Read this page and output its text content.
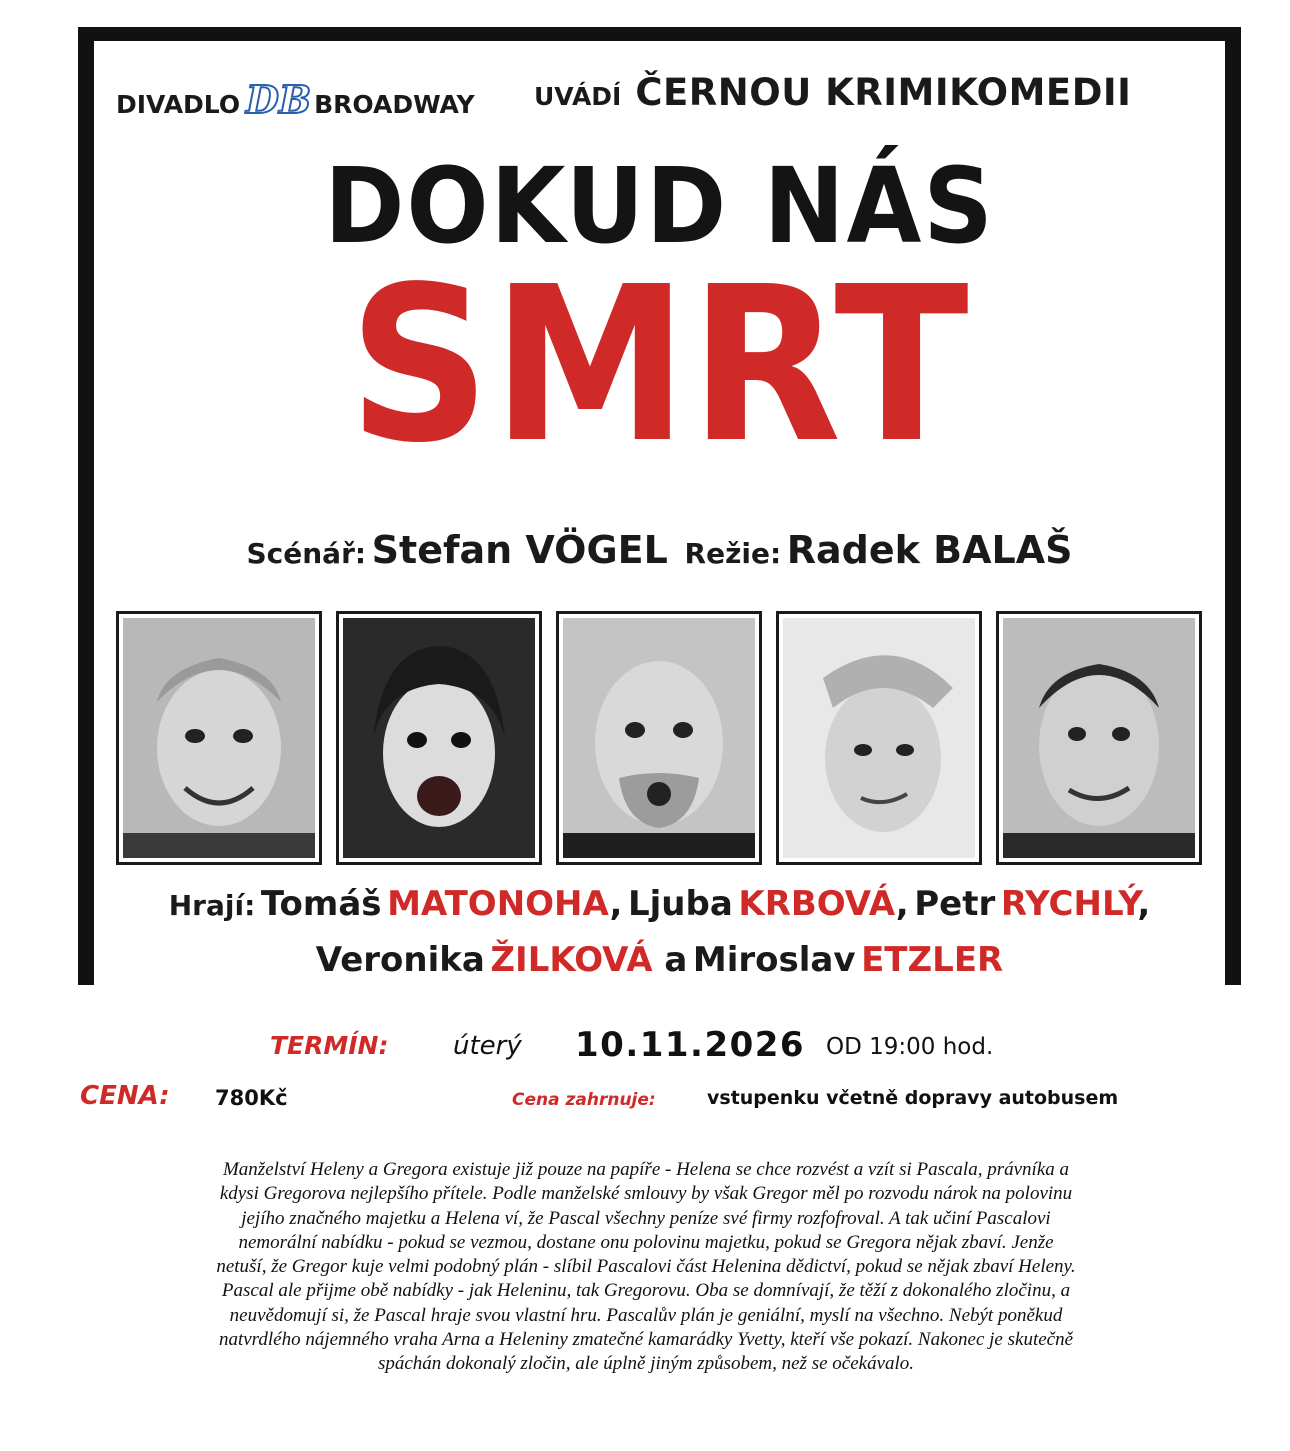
DIVADLO DB BROADWAY UVÁDÍ ČERNOU KRIMIKOMEDII
DOKUD NÁS
SMRT
Scénář: Stefan VÖGEL Režie: Radek BALAŠ
Hrají: Tomáš MATONOHA, Ljuba KRBOVÁ, Petr RYCHLÝ,
Veronika ŽILKOVÁ a Miroslav ETZLER
TERMÍN: úterý 10.11.2026 OD 19:00 hod.
CENA: 780Kč	Cena zahrnuje:	vstupenku včetně dopravy autobusem
Manželství Heleny a Gregora existuje již pouze na papíře - Helena se chce rozvést a vzít si Pascala, právníka a
kdysi Gregorova nejlepšího přítele. Podle manželské smlouvy by však Gregor měl po rozvodu nárok na polovinu
jejího značného majetku a Helena ví, že Pascal všechny peníze své firmy rozfofroval. A tak učiní Pascalovi
nemorální nabídku - pokud se vezmou, dostane onu polovinu majetku, pokud se Gregora nějak zbaví. Jenže
netuší, že Gregor kuje velmi podobný plán - slíbil Pascalovi část Helenina dědictví, pokud se nějak zbaví Heleny.
Pascal ale přijme obě nabídky - jak Heleninu, tak Gregorovu. Oba se domnívají, že těží z dokonalého zločinu, a
neuvědomují si, že Pascal hraje svou vlastní hru. Pascalův plán je geniální, myslí na všechno. Nebýt poněkud
natvrdlého nájemného vraha Arna a Heleniny zmatečné kamarádky Yvetty, kteří vše pokazí. Nakonec je skutečně
spáchán dokonalý zločin, ale úplně jiným způsobem, než se očekávalo.
